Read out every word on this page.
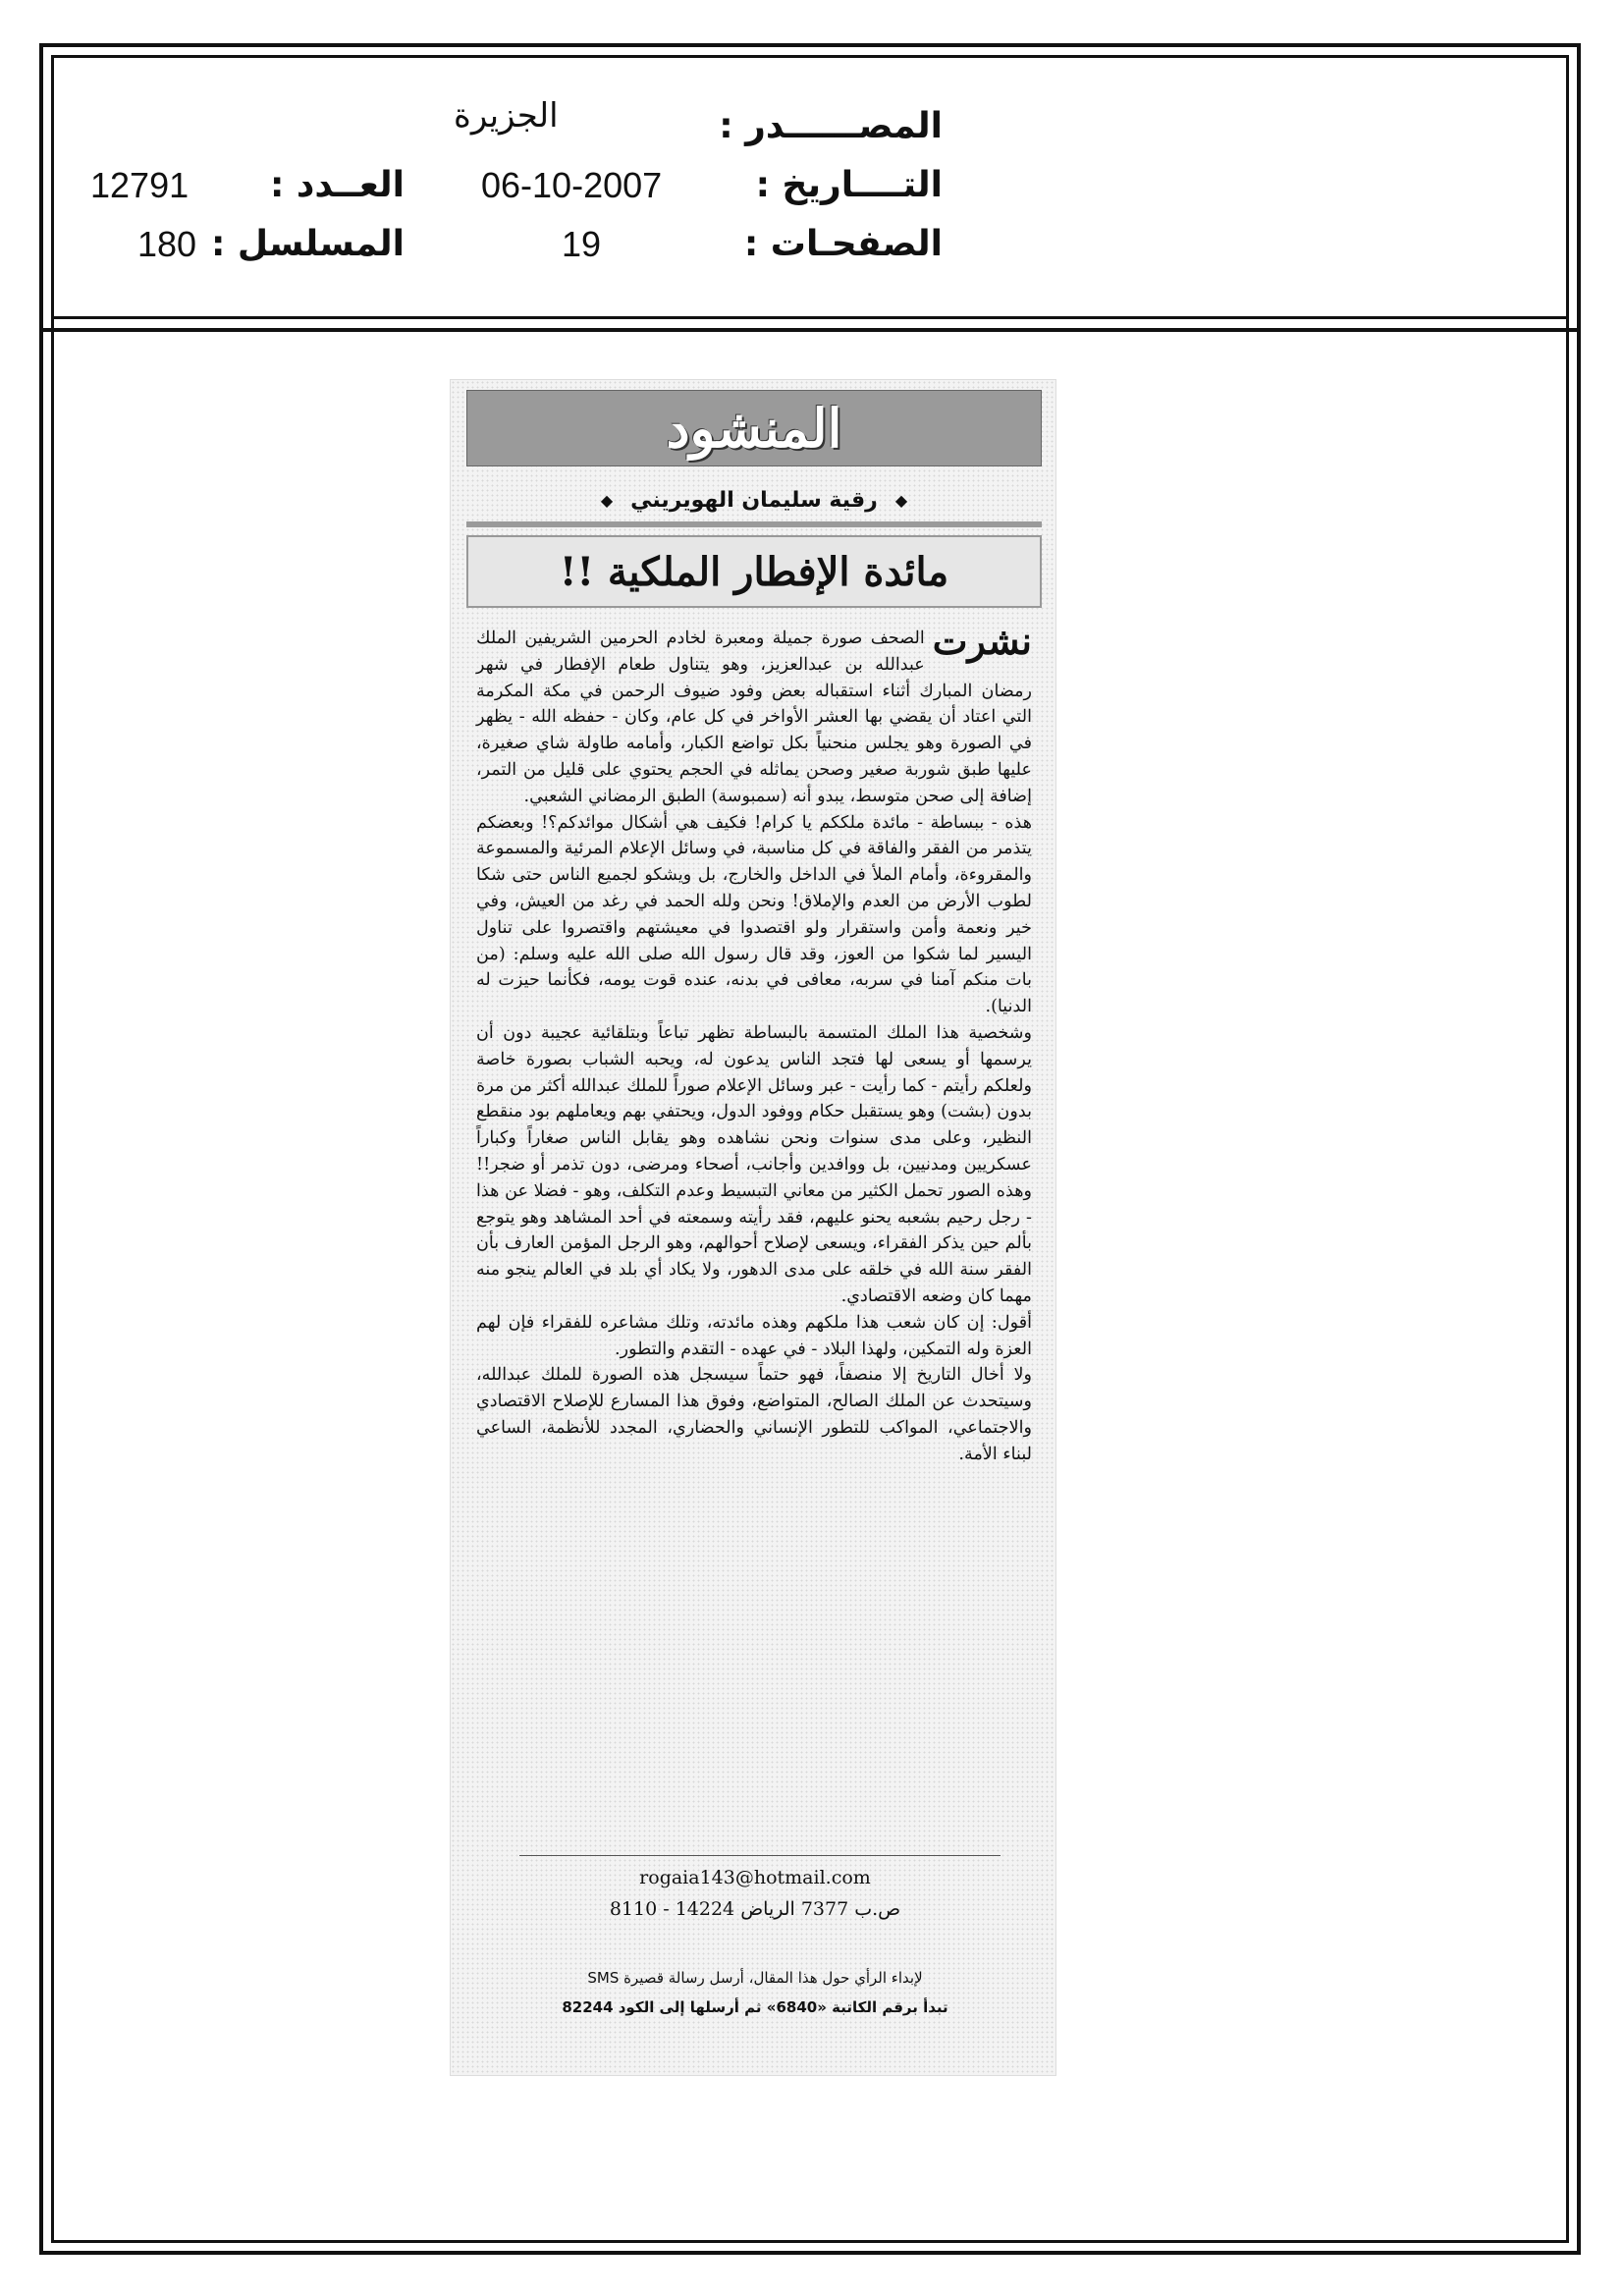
المصــــــدر :
التــــاريخ :
الصفحـات :
الجزيرة
06-10-2007
19
العــدد :
المسلسل :
12791
180
المنشود
◆
رقية سليمان الهويريني
◆
مائدة الإفطار الملكية !!

نشرت
الصحف صورة جميلة ومعبرة لخادم الحرمين الشريفين الملك عبدالله بن عبدالعزيز، وهو يتناول طعام الإفطار في شهر رمضان المبارك أثناء استقباله بعض وفود ضيوف الرحمن في مكة المكرمة التي اعتاد أن يقضي بها العشر الأواخر في كل عام، وكان - حفظه الله - يظهر في الصورة وهو يجلس منحنياً بكل تواضع الكبار، وأمامه طاولة شاي صغيرة، عليها طبق شوربة صغير وصحن يماثله في الحجم يحتوي على قليل من التمر، إضافة إلى صحن متوسط، يبدو أنه (سمبوسة) الطبق الرمضاني الشعبي.

هذه - ببساطة - مائدة ملككم يا كرام! فكيف هي أشكال موائدكم؟! وبعضكم يتذمر من الفقر والفاقة في كل مناسبة، في وسائل الإعلام المرئية والمسموعة والمقروءة، وأمام الملأ في الداخل والخارج، بل ويشكو لجميع الناس حتى شكا لطوب الأرض من العدم والإملاق! ونحن ولله الحمد في رغد من العيش، وفي خير ونعمة وأمن واستقرار ولو اقتصدوا في معيشتهم واقتصروا على تناول اليسير لما شكوا من العوز، وقد قال رسول الله صلى الله عليه وسلم: (من بات منكم آمنا في سربه، معافى في بدنه، عنده قوت يومه، فكأنما حيزت له الدنيا).

وشخصية هذا الملك المتسمة بالبساطة تظهر تباعاً وبتلقائية عجيبة دون أن يرسمها أو يسعى لها فتجد الناس يدعون له، ويحبه الشباب بصورة خاصة ولعلكم رأيتم - كما رأيت - عبر وسائل الإعلام صوراً للملك عبدالله أكثر من مرة بدون (بشت) وهو يستقبل حكام ووفود الدول، ويحتفي بهم ويعاملهم بود منقطع النظير، وعلى مدى سنوات ونحن نشاهده وهو يقابل الناس صغاراً وكباراً عسكريين ومدنيين، بل ووافدين وأجانب، أصحاء ومرضى، دون تذمر أو ضجر!! وهذه الصور تحمل الكثير من معاني التبسيط وعدم التكلف، وهو - فضلا عن هذا - رجل رحيم بشعبه يحنو عليهم، فقد رأيته وسمعته في أحد المشاهد وهو يتوجع بألم حين يذكر الفقراء، ويسعى لإصلاح أحوالهم، وهو الرجل المؤمن العارف بأن الفقر سنة الله في خلقه على مدى الدهور، ولا يكاد أي بلد في العالم ينجو منه مهما كان وضعه الاقتصادي.

أقول: إن كان شعب هذا ملكهم وهذه مائدته، وتلك مشاعره للفقراء فإن لهم العزة وله التمكين، ولهذا البلاد - في عهده - التقدم والتطور.

ولا أخال التاريخ إلا منصفاً، فهو حتماً سيسجل هذه الصورة للملك عبدالله، وسيتحدث عن الملك الصالح، المتواضع، وفوق هذا المسارع للإصلاح الاقتصادي والاجتماعي، المواكب للتطور الإنساني والحضاري، المجدد للأنظمة، الساعي لبناء الأمة.

rogaia143@hotmail.com
ص.ب 7377 الرياض 14224 - 8110
لإبداء الرأي حول هذا المقال، أرسل رسالة قصيرة SMS
تبدأ برقم الكاتبة «6840» ثم أرسلها إلى الكود 82244
